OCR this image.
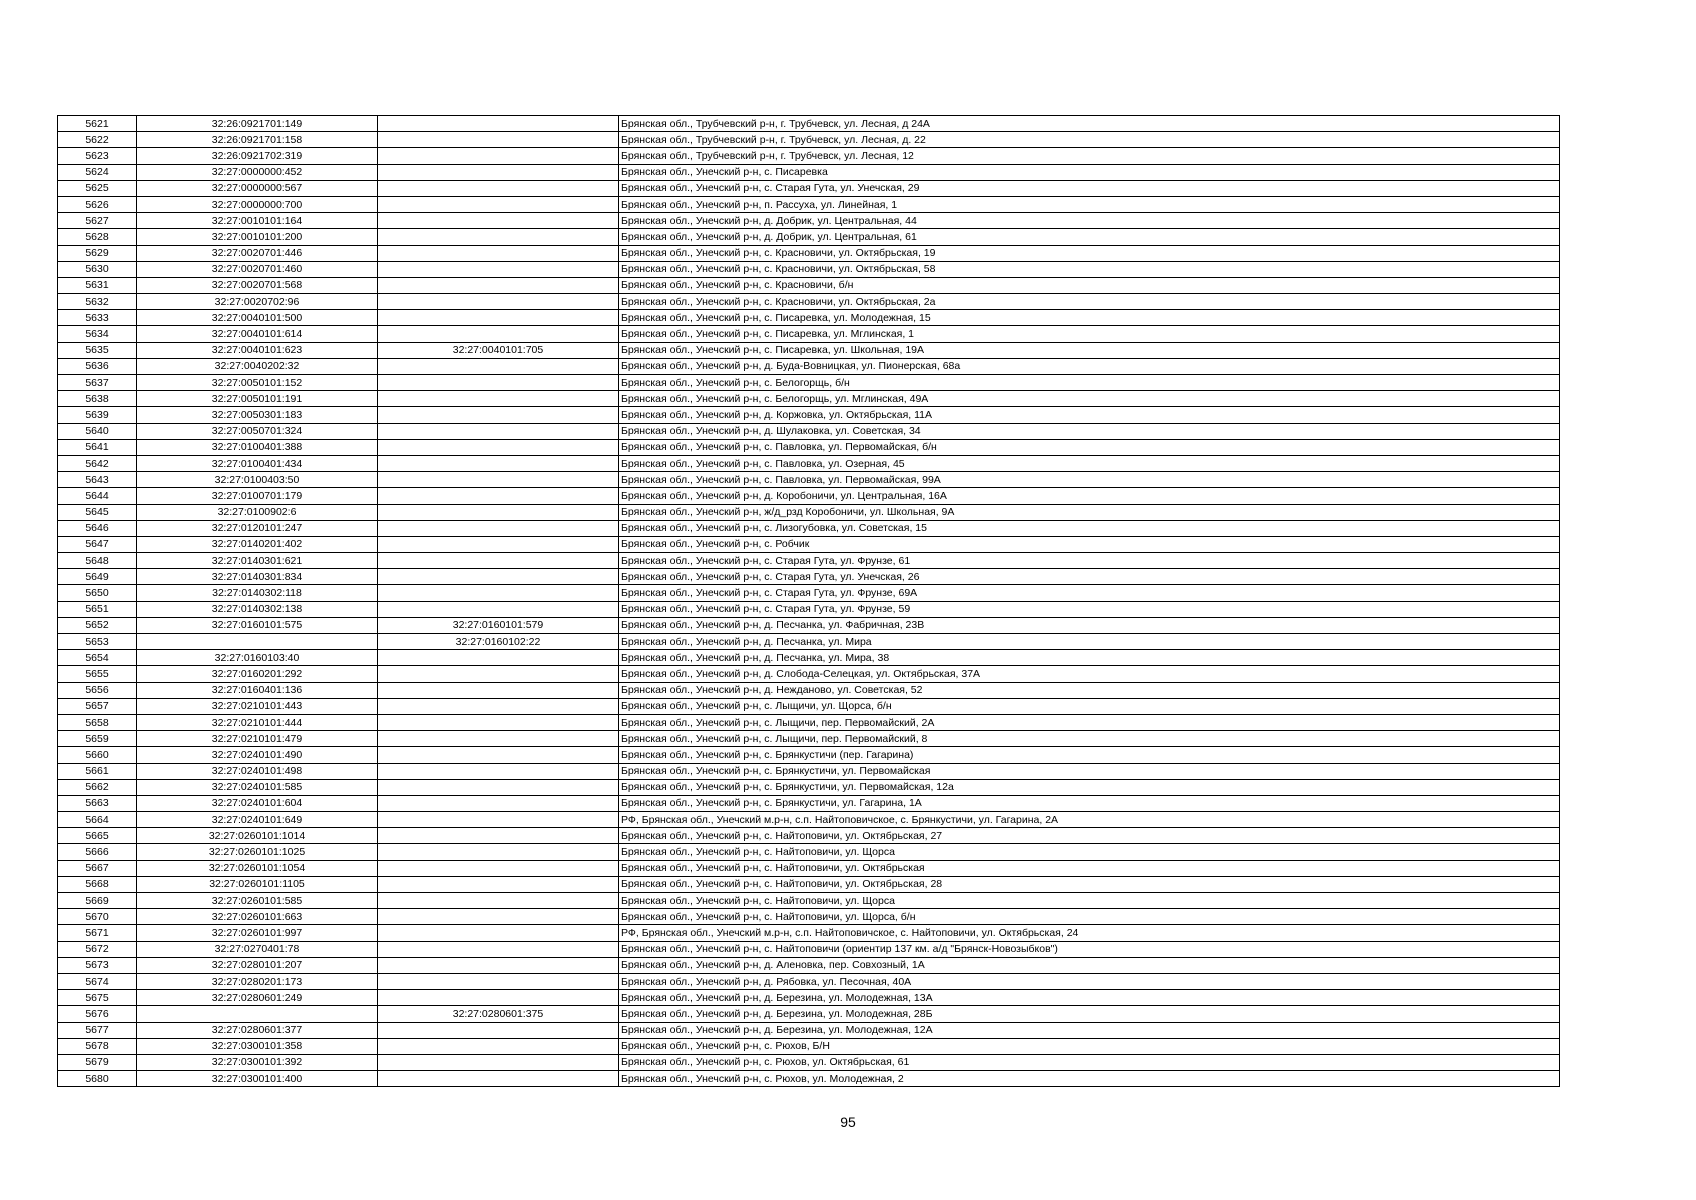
5621	32:26:0921701:149		Брянская обл., Трубчевский р-н, г. Трубчевск, ул. Лесная, д 24А
5622	32:26:0921701:158		Брянская обл., Трубчевский р-н, г. Трубчевск, ул. Лесная, д. 22
5623	32:26:0921702:319		Брянская обл., Трубчевский р-н, г. Трубчевск, ул. Лесная, 12
5624	32:27:0000000:452		Брянская обл., Унечский р-н, с. Писаревка
5625	32:27:0000000:567		Брянская обл., Унечский р-н, с. Старая Гута, ул. Унечская, 29
5626	32:27:0000000:700		Брянская обл., Унечский р-н, п. Рассуха, ул. Линейная, 1
5627	32:27:0010101:164		Брянская обл., Унечский р-н, д. Добрик, ул. Центральная, 44
5628	32:27:0010101:200		Брянская обл., Унечский р-н, д. Добрик, ул. Центральная, 61
5629	32:27:0020701:446		Брянская обл., Унечский р-н, с. Красновичи, ул. Октябрьская, 19
5630	32:27:0020701:460		Брянская обл., Унечский р-н, с. Красновичи, ул. Октябрьская, 58
5631	32:27:0020701:568		Брянская обл., Унечский р-н, с. Красновичи, б/н
5632	32:27:0020702:96		Брянская обл., Унечский р-н, с. Красновичи, ул. Октябрьская, 2а
5633	32:27:0040101:500		Брянская обл., Унечский р-н, с. Писаревка, ул. Молодежная, 15
5634	32:27:0040101:614		Брянская обл., Унечский р-н, с. Писаревка, ул. Мглинская, 1
5635	32:27:0040101:623	32:27:0040101:705	Брянская обл., Унечский р-н, с. Писаревка, ул. Школьная, 19А
5636	32:27:0040202:32		Брянская обл., Унечский р-н, д. Буда-Вовницкая, ул. Пионерская, 68а
5637	32:27:0050101:152		Брянская обл., Унечский р-н, с. Белогорщь, б/н
5638	32:27:0050101:191		Брянская обл., Унечский р-н, с. Белогорщь, ул. Мглинская, 49А
5639	32:27:0050301:183		Брянская обл., Унечский р-н, д. Коржовка, ул. Октябрьская, 11А
5640	32:27:0050701:324		Брянская обл., Унечский р-н, д. Шулаковка, ул. Советская, 34
5641	32:27:0100401:388		Брянская обл., Унечский р-н, с. Павловка, ул. Первомайская, б/н
5642	32:27:0100401:434		Брянская обл., Унечский р-н, с. Павловка, ул. Озерная, 45
5643	32:27:0100403:50		Брянская обл., Унечский р-н, с. Павловка, ул. Первомайская, 99А
5644	32:27:0100701:179		Брянская обл., Унечский р-н, д. Коробоничи, ул. Центральная, 16А
5645	32:27:0100902:6		Брянская обл., Унечский р-н, ж/д_рзд Коробоничи, ул. Школьная, 9А
5646	32:27:0120101:247		Брянская обл., Унечский р-н, с. Лизогубовка, ул. Советская, 15
5647	32:27:0140201:402		Брянская обл., Унечский р-н, с. Робчик
5648	32:27:0140301:621		Брянская обл., Унечский р-н, с. Старая Гута, ул. Фрунзе, 61
5649	32:27:0140301:834		Брянская обл., Унечский р-н, с. Старая Гута, ул. Унечская, 26
5650	32:27:0140302:118		Брянская обл., Унечский р-н, с. Старая Гута, ул. Фрунзе, 69А
5651	32:27:0140302:138		Брянская обл., Унечский р-н, с. Старая Гута, ул. Фрунзе, 59
5652	32:27:0160101:575	32:27:0160101:579	Брянская обл., Унечский р-н, д. Песчанка, ул. Фабричная, 23В
5653		32:27:0160102:22	Брянская обл., Унечский р-н, д. Песчанка, ул. Мира
5654	32:27:0160103:40		Брянская обл., Унечский р-н, д. Песчанка, ул. Мира, 38
5655	32:27:0160201:292		Брянская обл., Унечский р-н, д. Слобода-Селецкая, ул. Октябрьская, 37А
5656	32:27:0160401:136		Брянская обл., Унечский р-н, д. Нежданово, ул. Советская, 52
5657	32:27:0210101:443		Брянская обл., Унечский р-н, с. Лыщичи, ул. Щорса, б/н
5658	32:27:0210101:444		Брянская обл., Унечский р-н, с. Лыщичи, пер. Первомайский, 2А
5659	32:27:0210101:479		Брянская обл., Унечский р-н, с. Лыщичи, пер. Первомайский, 8
5660	32:27:0240101:490		Брянская обл., Унечский р-н, с. Брянкустичи (пер. Гагарина)
5661	32:27:0240101:498		Брянская обл., Унечский р-н, с. Брянкустичи, ул. Первомайская
5662	32:27:0240101:585		Брянская обл., Унечский р-н, с. Брянкустичи, ул. Первомайская, 12а
5663	32:27:0240101:604		Брянская обл., Унечский р-н, с. Брянкустичи, ул. Гагарина, 1А
5664	32:27:0240101:649		РФ, Брянская обл., Унечский м.р-н, с.п. Найтоповичское, с. Брянкустичи, ул. Гагарина, 2А
5665	32:27:0260101:1014		Брянская обл., Унечский р-н, с. Найтоповичи, ул. Октябрьская, 27
5666	32:27:0260101:1025		Брянская обл., Унечский р-н, с. Найтоповичи, ул. Щорса
5667	32:27:0260101:1054		Брянская обл., Унечский р-н, с. Найтоповичи, ул. Октябрьская
5668	32:27:0260101:1105		Брянская обл., Унечский р-н, с. Найтоповичи, ул. Октябрьская, 28
5669	32:27:0260101:585		Брянская обл., Унечский р-н, с. Найтоповичи, ул. Щорса
5670	32:27:0260101:663		Брянская обл., Унечский р-н, с. Найтоповичи, ул. Щорса, б/н
5671	32:27:0260101:997		РФ, Брянская обл., Унечский м.р-н, с.п. Найтоповичское, с. Найтоповичи, ул. Октябрьская, 24
5672	32:27:0270401:78		Брянская обл., Унечский р-н, с. Найтоповичи (ориентир 137 км. а/д "Брянск-Новозыбков")
5673	32:27:0280101:207		Брянская обл., Унечский р-н, д. Аленовка, пер. Совхозный, 1А
5674	32:27:0280201:173		Брянская обл., Унечский р-н, д. Рябовка, ул. Песочная, 40А
5675	32:27:0280601:249		Брянская обл., Унечский р-н, д. Березина, ул. Молодежная, 13А
5676		32:27:0280601:375	Брянская обл., Унечский р-н, д. Березина, ул. Молодежная, 28Б
5677	32:27:0280601:377		Брянская обл., Унечский р-н, д. Березина, ул. Молодежная, 12А
5678	32:27:0300101:358		Брянская обл., Унечский р-н, с. Рюхов, Б/Н
5679	32:27:0300101:392		Брянская обл., Унечский р-н, с. Рюхов, ул. Октябрьская, 61
5680	32:27:0300101:400		Брянская обл., Унечский р-н, с. Рюхов, ул. Молодежная, 2
95
